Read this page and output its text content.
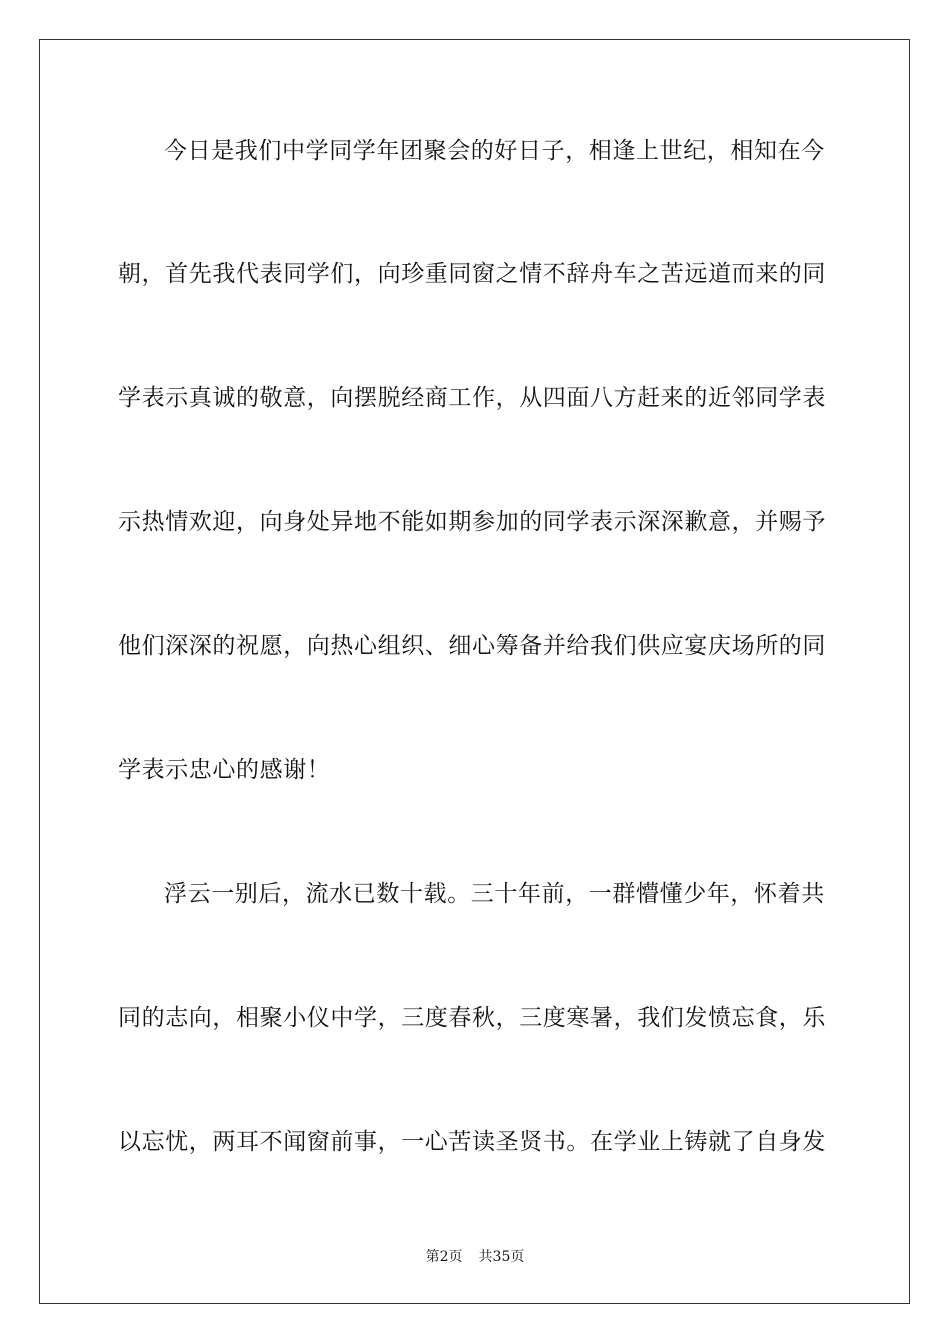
今日是我们中学同学年团聚会的好日子，相逢上世纪，相知在今
朝，首先我代表同学们，向珍重同窗之情不辞舟车之苦远道而来的同
学表示真诚的敬意，向摆脱经商工作，从四面八方赶来的近邻同学表
示热情欢迎，向身处异地不能如期参加的同学表示深深歉意，并赐予
他们深深的祝愿，向热心组织、细心筹备并给我们供应宴庆场所的同
学表示忠心的感谢！
浮云一别后，流水已数十载。三十年前，一群懵懂少年，怀着共
同的志向，相聚小仪中学，三度春秋，三度寒暑，我们发愤忘食，乐
以忘忧，两耳不闻窗前事，一心苦读圣贤书。在学业上铸就了自身发
第2页 共35页
